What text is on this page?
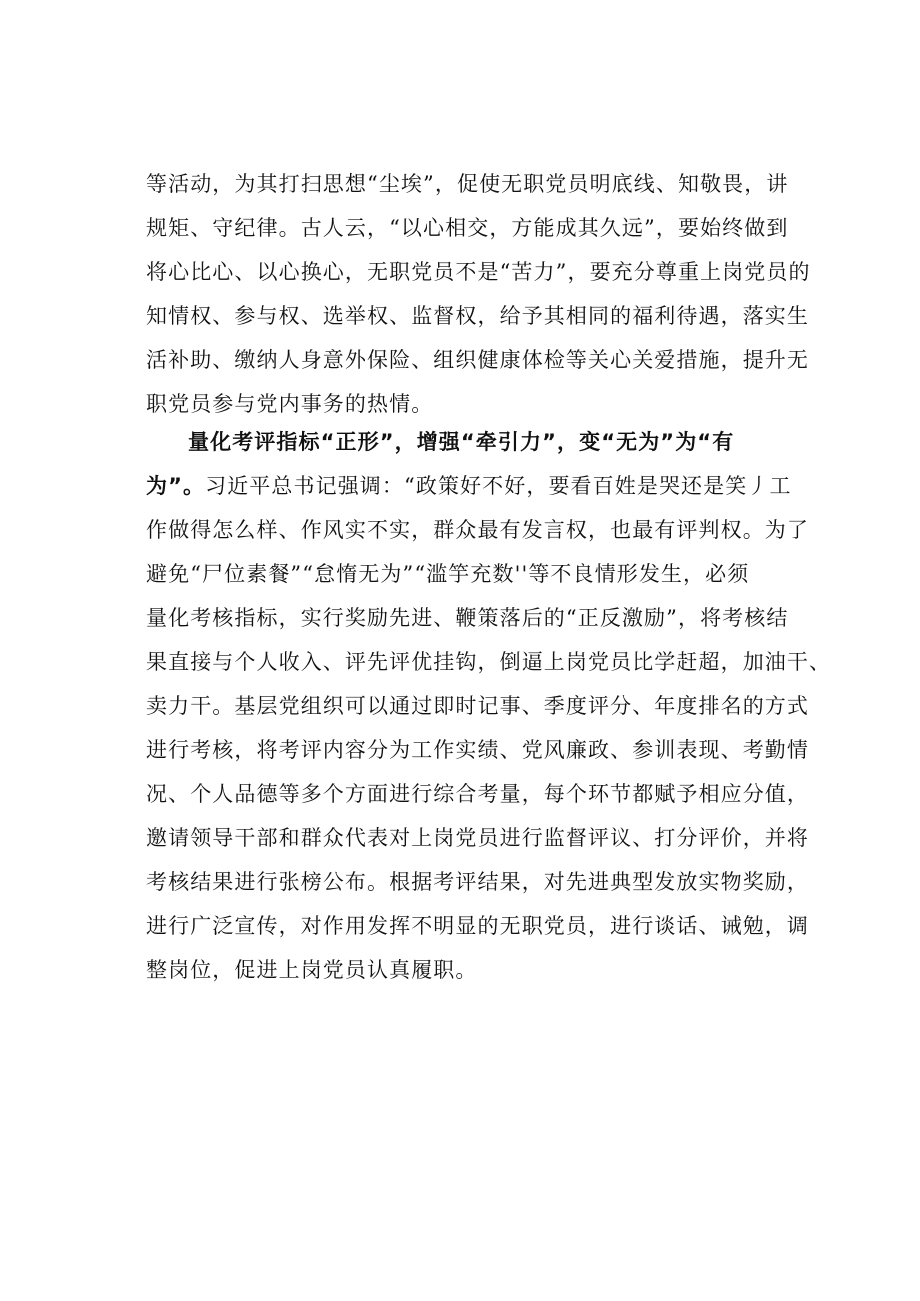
等活动，为其打扫思想“尘埃”，促使无职党员明底线、知敬畏，讲
规矩、守纪律。古人云，“以心相交，方能成其久远”，要始终做到
将心比心、以心换心，无职党员不是“苦力”，要充分尊重上岗党员的
知情权、参与权、选举权、监督权，给予其相同的福利待遇，落实生
活补助、缴纳人身意外保险、组织健康体检等关心关爱措施，提升无
职党员参与党内事务的热情。
量化考评指标“正形”，增强“牵引力”，变“无为”为“有
为”。习近平总书记强调：“政策好不好，要看百姓是哭还是笑丿工
作做得怎么样、作风实不实，群众最有发言权，也最有评判权。为了
避免“尸位素餐”“怠惰无为”“滥竽充数''等不良情形发生，必须
量化考核指标，实行奖励先进、鞭策落后的“正反激励”，将考核结
果直接与个人收入、评先评优挂钩，倒逼上岗党员比学赶超，加油干、
卖力干。基层党组织可以通过即时记事、季度评分、年度排名的方式
进行考核，将考评内容分为工作实绩、党风廉政、参训表现、考勤情
况、个人品德等多个方面进行综合考量，每个环节都赋予相应分值，
邀请领导干部和群众代表对上岗党员进行监督评议、打分评价，并将
考核结果进行张榜公布。根据考评结果，对先进典型发放实物奖励，
进行广泛宣传，对作用发挥不明显的无职党员，进行谈话、诫勉，调
整岗位，促进上岗党员认真履职。
